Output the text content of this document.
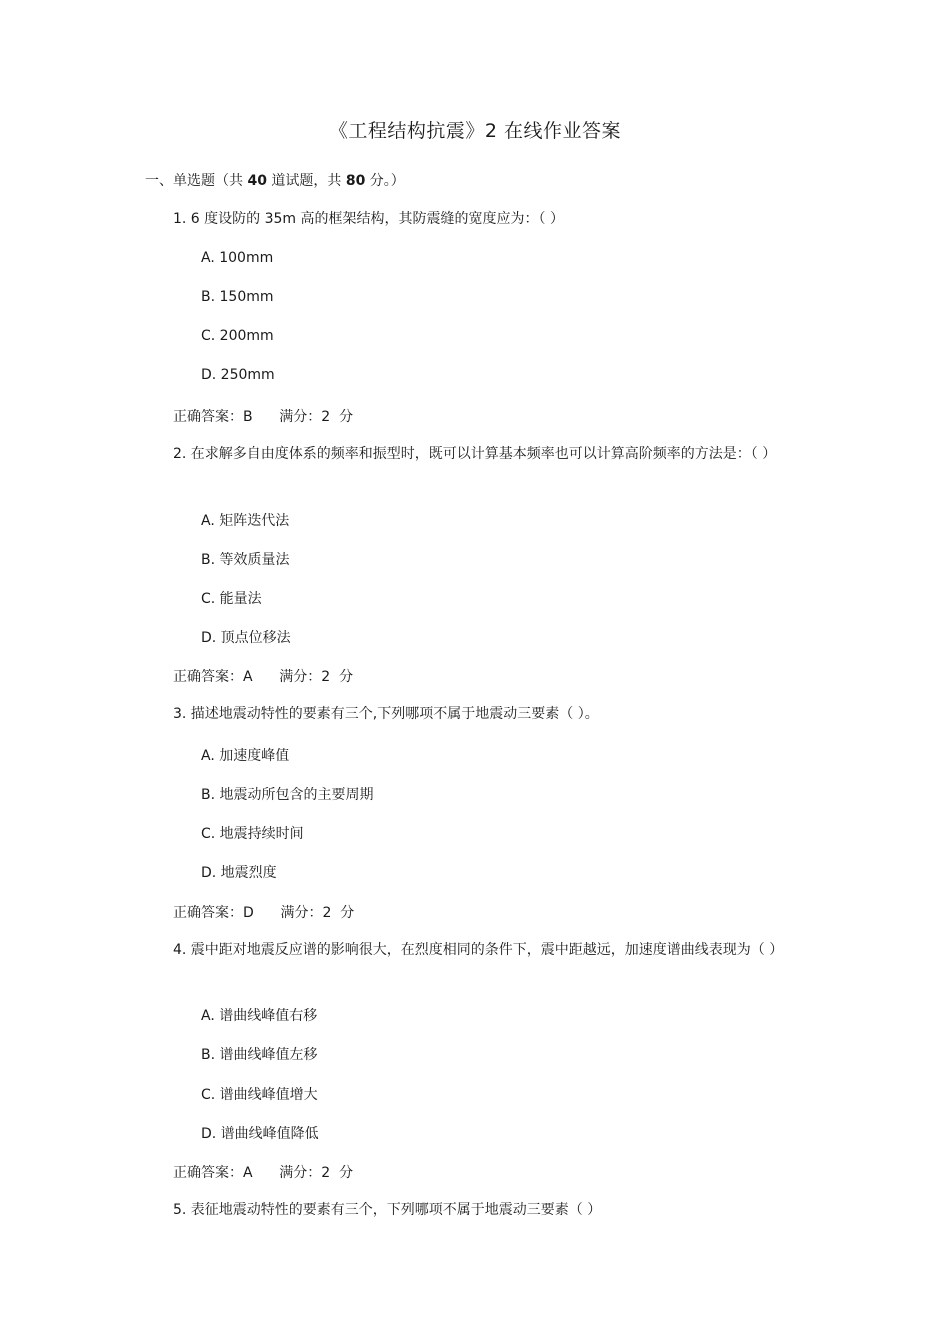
《工程结构抗震》2 在线作业答案
一、单选题（共 40 道试题，共 80 分。）
1. 6 度设防的 35m 高的框架结构，其防震缝的宽度应为：（ ）
A. 100mm
B. 150mm
C. 200mm
D. 250mm
正确答案：B      满分：2  分
2. 在求解多自由度体系的频率和振型时，既可以计算基本频率也可以计算高阶频率的方法是：（ ）
A. 矩阵迭代法
B. 等效质量法
C. 能量法
D. 顶点位移法
正确答案：A      满分：2  分
3. 描述地震动特性的要素有三个,下列哪项不属于地震动三要素（ ）。
A. 加速度峰值
B. 地震动所包含的主要周期
C. 地震持续时间
D. 地震烈度
正确答案：D      满分：2  分
4. 震中距对地震反应谱的影响很大，在烈度相同的条件下，震中距越远，加速度谱曲线表现为（ ）
A. 谱曲线峰值右移
B. 谱曲线峰值左移
C. 谱曲线峰值增大
D. 谱曲线峰值降低
正确答案：A      满分：2  分
5. 表征地震动特性的要素有三个，下列哪项不属于地震动三要素（ ）
